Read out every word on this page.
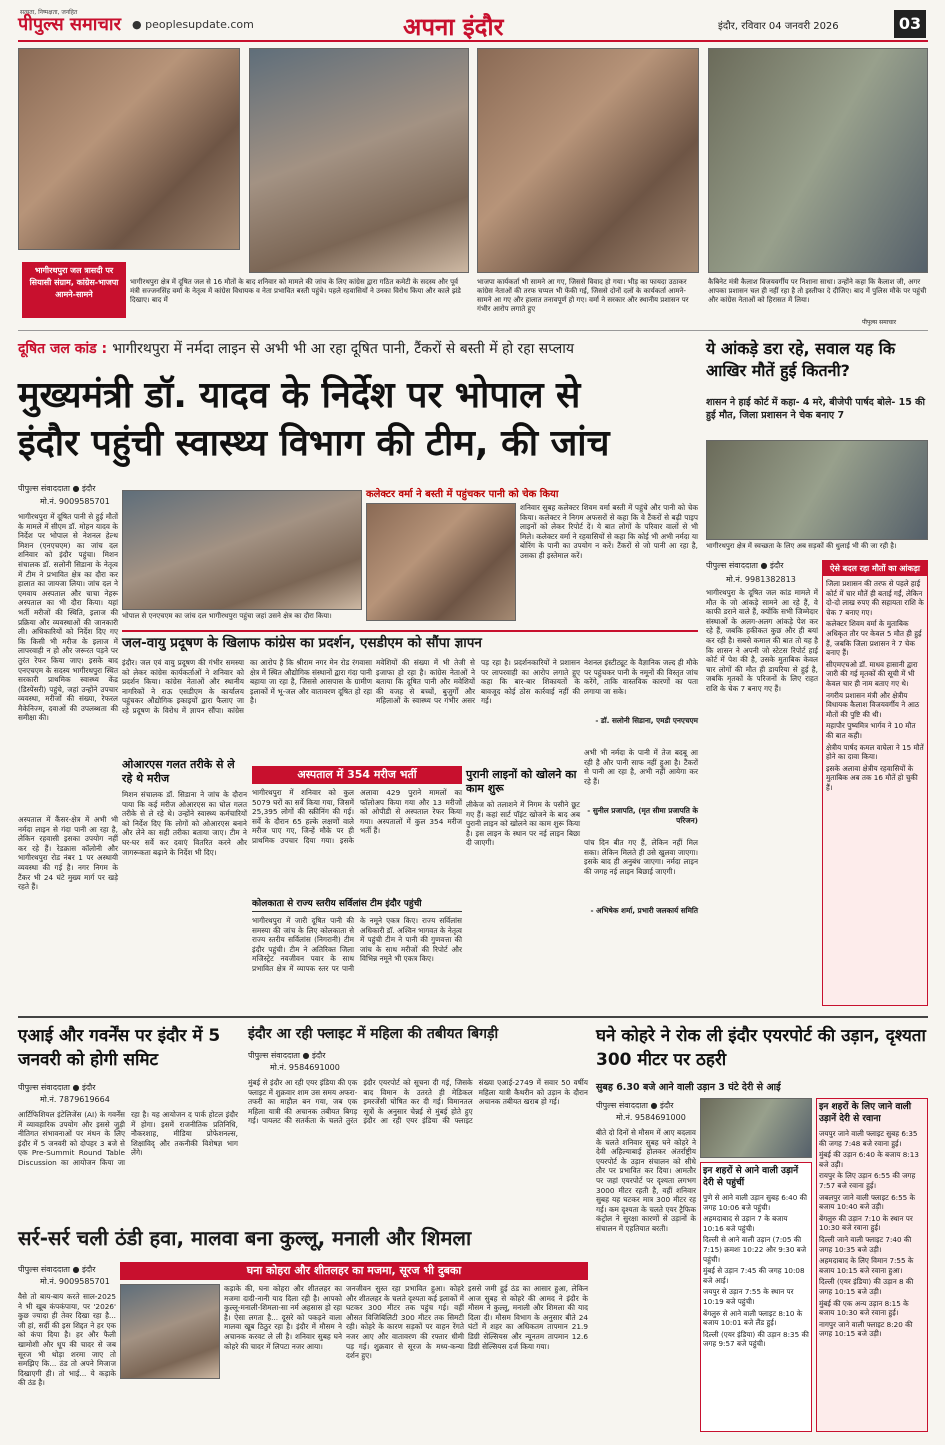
सत्यता, निष्पक्षता, जनहित
पीपुल्स समाचार ● peoplesupdate.com	अपना इंदौर	इंदौर, रविवार 04 जनवरी 2026	03
भागीरथपुरा जल त्रासदी पर सियासी संग्राम, कांग्रेस-भाजपा आमने-सामने
भागीरथपुरा क्षेत्र में दूषित जल से 16 मौतों के बाद शनिवार को मामले की जांच के लिए कांग्रेस द्वारा गठित कमेटी के सदस्य और पूर्व मंत्री सज्जनसिंह वर्मा के नेतृत्व में कांग्रेस विधायक व नेता प्रभावित बस्ती पहुंचे। पहले रहवासियों ने उनका विरोध किया और काले झंडे दिखाए। बाद में
भाजपा कार्यकर्ता भी सामने आ गए, जिससे विवाद हो गया। भीड़ का फायदा उठाकर कांग्रेस नेताओं की तरफ चप्पल भी फेंकी गई, जिससे दोनों दलों के कार्यकर्ता आमने-सामने आ गए और हालात तनावपूर्ण हो गए। वर्मा ने सरकार और स्थानीय प्रशासन पर गंभीर आरोप लगाते हुए
कैबिनेट मंत्री कैलाश विजयवर्गीय पर निशाना साधा। उन्होंने कहा कि कैलाश जी, अगर आपका प्रशासन चल ही नहीं रहा है तो इस्तीफा दे दीजिए। बाद में पुलिस मौके पर पहुंची और कांग्रेस नेताओं को हिरासत में लिया।
पीपुल्स समाचार
दूषित जल कांड : भागीरथपुरा में नर्मदा लाइन से अभी भी आ रहा दूषित पानी, टैंकरों से बस्ती में हो रहा सप्लाय
मुख्यमंत्री डॉ. यादव के निर्देश पर भोपाल से
इंदौर पहुंची स्वास्थ्य विभाग की टीम, की जांच
पीपुल्स संवाददाता ● इंदौर
मो.नं. 9009585701
भागीरथपुरा में दूषित पानी से हुई मौतों के मामले में सीएम डॉ. मोहन यादव के निर्देश पर भोपाल से नेशनल हेल्थ मिशन (एनएचएम) का जांच दल शनिवार को इंदौर पहुंचा। मिशन संचालक डॉ. सलोनी सिडाना के नेतृत्व में टीम ने प्रभावित क्षेत्र का दौरा कर हालात का जायजा लिया। जांच दल ने एमवाय अस्पताल और चाचा नेहरू अस्पताल का भी दौरा किया। यहां भर्ती मरीजों की स्थिति, इलाज की प्रक्रिया और व्यवस्थाओं की जानकारी ली। अधिकारियों को निर्देश दिए गए कि किसी भी मरीज के इलाज में लापरवाही न हो और जरूरत पड़ने पर तुरंत रेफर किया जाए। इसके बाद एनएचएम के सदस्य भागीरथपुरा स्थित सरकारी प्राथमिक स्वास्थ्य केंद्र (डिस्पेंसरी) पहुंचे, जहां उन्होंने उपचार व्यवस्था, मरीजों की संख्या, रेफरल मैकेनिज्म, दवाओं की उपलब्धता की समीक्षा की।
अस्पताल में कैंसर-क्षेत्र में अभी भी नर्मदा लाइन से गंदा पानी आ रहा है, लेकिन रहवासी इसका उपयोग नहीं कर रहे हैं। रेडक्रास कॉलोनी और भागीरथपुरा रोड नंबर 1 पर अस्थायी व्यवस्था की गई है। नगर निगम के टैंकर भी 24 घंटे मुख्य मार्ग पर खड़े रहते हैं।
भोपाल से एनएचएम का जांच दल भागीरथपुरा पहुंचा जहां उसने क्षेत्र का दौरा किया।
कलेक्टर वर्मा ने बस्ती में पहुंचकर पानी को चेक किया
शनिवार सुबह कलेक्टर शिवम वर्मा बस्ती में पहुंचे और पानी को चेक किया। कलेक्टर ने निगम अफसरों से कहा कि वे टैंकरों से बढ़ी पाइप लाइनों को लेकर रिपोर्ट दें। ये बात लोगों के परिवार वालों से भी मिले। कलेक्टर वर्मा ने रहवासियों से कहा कि कोई भी अभी नर्मदा या बोरिंग के पानी का उपयोग न करें। टैंकरों से जो पानी आ रहा है, उसका ही इस्तेमाल करें।
जल-वायु प्रदूषण के खिलाफ कांग्रेस का प्रदर्शन, एसडीएम को सौंपा ज्ञापन
इंदौर। जल एवं वायु प्रदूषण की गंभीर समस्या को लेकर कांग्रेस कार्यकर्ताओं ने शनिवार को प्रदर्शन किया। कांग्रेस नेताओं और स्थानीय नागरिकों ने राऊ एसडीएम के कार्यालय पहुंचकर औद्योगिक इकाइयों द्वारा फैलाए जा रहे प्रदूषण के विरोध में ज्ञापन सौंपा। कांग्रेस का आरोप है कि श्रीराम नगर मेन रोड रंगवासा क्षेत्र में स्थित औद्योगिक संस्थानों द्वारा गंदा पानी बहाया जा रहा है, जिससे आसपास के ग्रामीण इलाकों में भू-जल और वातावरण दूषित हो रहा है।
मवेशियों की संख्या में भी तेजी से इजाफा हो रहा है। कांग्रेस नेताओं ने बताया कि दूषित पानी और मवेशियों की वजह से बच्चों, बुजुर्गों और महिलाओं के स्वास्थ्य पर गंभीर असर पड़ रहा है। प्रदर्शनकारियों ने प्रशासन पर लापरवाही का आरोप लगाते हुए कहा कि बार-बार शिकायतों के बावजूद कोई ठोस कार्रवाई नहीं की गई।
नेशनल इंस्टीट्यूट के वैज्ञानिक जल्द ही मौके पर पहुंचकर पानी के नमूनों की विस्तृत जांच करेंगे, ताकि वास्तविक कारणों का पता लगाया जा सके।
- डॉ. सलोनी सिडाना, एमडी एनएचएम
अभी भी नर्मदा के पानी में तेज बदबू आ रही है और पानी साफ नहीं हुआ है। टैंकरों से पानी आ रहा है, अभी नहीं आयेगा कर रहे हैं।
- सुनील प्रजापति, (मृत सीमा प्रजापति के परिजन)
पांच दिन बीत गए हैं, लेकिन नहीं मिल सका। लेकिन मिलते ही उसे खुलवा जाएगा। इसके बाद ही अनुबंध जाएगा। नर्मदा लाइन की जगह नई लाइन बिछाई जाएगी।
- अभिषेक शर्मा, प्रभारी जलकार्य समिति
ओआरएस गलत तरीके से ले रहे थे मरीज
मिशन संचालक डॉ. सिडाना ने जांच के दौरान पाया कि कई मरीज ओआरएस का घोल गलत तरीके से ले रहे थे। उन्होंने स्वास्थ्य कर्मचारियों को निर्देश दिए कि लोगों को ओआरएस बनाने और लेने का सही तरीका बताया जाए। टीम ने घर-घर सर्वे कर दवाएं वितरित करने और जागरूकता बढ़ाने के निर्देश भी दिए।
अस्पताल में 354 मरीज भर्ती
भागीरथपुरा में शनिवार को कुल 5079 घरों का सर्वे किया गया, जिसमें 25,395 लोगों की स्क्रीनिंग की गई। सर्वे के दौरान 65 हल्के लक्षणों वाले मरीज पाए गए, जिन्हें मौके पर ही प्राथमिक उपचार दिया गया। इसके अलावा 429 पुराने मामलों का फॉलोअप किया गया और 13 मरीजों को ओपीडी से अस्पताल रेफर किया गया। अस्पतालों में कुल 354 मरीज भर्ती हैं।
पुरानी लाइनों को खोलने का काम शुरू
लीकेज को तलाशने में निगम के पसीने छूट गए हैं। कहां सार्ट पॉइंट खोजने के बाद अब पुरानी लाइन को खोलने का काम शुरू किया है। इस लाइन के स्थान पर नई लाइन बिछा दी जाएगी।
कोलकाता से राज्य स्तरीय सर्विलांस टीम इंदौर पहुंची
भागीरथपुरा में जारी दूषित पानी की समस्या की जांच के लिए कोलकाता से राज्य स्तरीय सर्विलांस (निगरानी) टीम इंदौर पहुंची। टीम ने अतिरिक्त जिला मजिस्ट्रेट नवजीवन पवार के साथ प्रभावित क्षेत्र में व्यापक स्तर पर पानी के नमूने एकत्र किए। राज्य सर्विलांस अधिकारी डॉ. अश्विन भागवत के नेतृत्व में पहुंची टीम ने पानी की गुणवत्ता की जांच के साथ मरीजों की रिपोर्ट और विभिन्न नमूने भी एकत्र किए।
ये आंकड़े डरा रहे, सवाल यह कि आखिर मौतें हुई कितनी?
शासन ने हाई कोर्ट में कहा- 4 मरे, बीजेपी पार्षद बोले- 15 की हुई मौत, जिला प्रशासन ने चेक बनाए 7
भागीरथपुरा क्षेत्र में स्वच्छता के लिए अब सड़कों की धुलाई भी की जा रही है।
पीपुल्स संवाददाता ● इंदौर
मो.नं. 9981382813
भागीरथपुरा के दूषित जल कांड मामले में मौत के जो आंकड़े सामने आ रहे हैं, वे काफी डराने वाले हैं, क्योंकि सभी जिम्मेदार संस्थाओं के अलग-अलग आंकड़े पेश कर रहे हैं, जबकि हकीकत कुछ और ही बयां कर रही है। सबसे कमाल की बात तो यह है कि शासन ने अपनी जो स्टेटस रिपोर्ट हाई कोर्ट में पेश की है, उसके मुताबिक केवल चार लोगों की मौत ही डायरिया से हुई है, जबकि मृतकों के परिजनों के लिए राहत राशि के चेक 7 बनाए गए हैं।
ऐसे बदल रहा मौतों का आंकड़ा
जिला प्रशासन की तरफ से पहले हाई कोर्ट में चार मौतें ही बताई गईं, लेकिन दो-दो लाख रुपए की सहायता राशि के चेक 7 बनाए गए।
कलेक्टर शिवम वर्मा के मुताबिक अधिकृत तौर पर केवल 5 मौत ही हुई हैं, जबकि जिला प्रशासन ने 7 चेक बनाए हैं।
सीएमएचओ डॉ. माधव हासानी द्वारा जारी की गई मृतकों की सूची में भी केवल चार ही नाम बताए गए थे।
नगरीय प्रशासन मंत्री और क्षेत्रीय विधायक कैलाश विजयवर्गीय ने आठ मौतों की पुष्टि की थी।
महापौर पुष्यमित्र भार्गव ने 10 मौत की बात कही।
क्षेत्रीय पार्षद कमल वाघेला ने 15 मौतें होने का दावा किया।
इसके अलावा क्षेत्रीय रहवासियों के मुताबिक अब तक 16 मौतें हो चुकी हैं।
एआई और गवर्नेंस पर इंदौर में 5 जनवरी को होगी समिट
पीपुल्स संवाददाता ● इंदौर
मो.नं. 7879619664
आर्टिफिशियल इंटेलिजेंस (AI) के गवर्नेंस में व्यावहारिक उपयोग और इससे जुड़ी नीतिगत संभावनाओं पर मंथन के लिए इंदौर में 5 जनवरी को दोपहर 3 बजे से एक Pre-Summit Round Table Discussion का आयोजन किया जा रहा है। यह आयोजन द पार्क होटल इंदौर में होगा। इसमें राजनीतिक प्रतिनिधि, नौकरशाह, मीडिया प्रोफेशनल्स, शिक्षाविद् और तकनीकी विशेषज्ञ भाग लेंगे।
इंदौर आ रही फ्लाइट में महिला की तबीयत बिगड़ी
पीपुल्स संवाददाता ● इंदौर
मो.नं. 9584691000
मुंबई से इंदौर आ रही एयर इंडिया की एक फ्लाइट में शुक्रवार शाम उस समय अफरा-तफरी का माहौल बन गया, जब एक महिला यात्री की अचानक तबीयत बिगड़ गई। पायलट की सतर्कता के चलते तुरंत इंदौर एयरपोर्ट को सूचना दी गई, जिसके बाद विमान के उतरते ही मेडिकल इमरजेंसी घोषित कर दी गई। विमानतल सूत्रों के अनुसार चेन्नई से मुंबई होते हुए इंदौर आ रही एयर इंडिया की फ्लाइट संख्या एआई-2749 में सवार 50 वर्षीय महिला यात्री कैथरीन को उड़ान के दौरान अचानक तबीयत खराब हो गई।
सर्र-सर्र चली ठंडी हवा, मालवा बना कुल्लू, मनाली और शिमला
पीपुल्स संवाददाता ● इंदौर
मो.नं. 9009585701
घना कोहरा और शीतलहर का मजमा, सूरज भी दुबका
वैसे तो बाय-बाय करते साल-2025 ने भी खूब कंपकंपाया, पर '2026' कुछ ज्यादा ही तेवर दिखा रहा है... जी हां, सर्दी की इस शिद्दत ने हर एक को कंपा दिया है। हर और फैली खामोशी और धूप की चादर से जब सूरज भी थोड़ा शरमा जाए तो समझिए कि... ठंड तो अपने मिजाज दिखाएगी ही। तो भाई... ये कड़ाके की ठंड है।
कड़ाके की, घना कोहरा और शीतलहर का मजमा दादी-नानी याद दिला रही है। आपको कुल्लू-मनाली-शिमला-सा नर्म अहसास हो रहा है। ऐसा लगता है... दूसरे को पकड़ने वाला मालवा खूब ठिठुर रहा है। इंदौर में मौसम ने अचानक करवट ले ली है। शनिवार सुबह घने कोहरे की चादर में लिपटा नजर आया।
जनजीवन सुस्त रहा प्रभावित हुआ। कोहरे और शीतलहर के चलते दृश्यता कई इलाकों में घटकर 300 मीटर तक पहुंच गई। वहीं औसत विजिबिलिटी 300 मीटर तक सिमटी रही। कोहरे के कारण सड़कों पर वाहन रेंगते नजर आए और वातावरण की रफ्तार धीमी पड़ गई। शुक्रवार से सूरज के मध्य-कन्या दर्शन हुए।
इससे जमी हुई ठंड का आसार हुआ, लेकिन आज सुबह से कोहरे की आमद ने इंदौर के मौसम ने कुल्लू, मनाली और शिमला की याद दिला दी। मौसम विभाग के अनुसार बीते 24 घंटों में शहर का अधिकतम तापमान 21.9 डिग्री सेल्सियस और न्यूनतम तापमान 12.6 डिग्री सेल्सियस दर्ज किया गया।
घने कोहरे ने रोक ली इंदौर एयरपोर्ट की उड़ान, दृश्यता 300 मीटर पर ठहरी
सुबह 6.30 बजे आने वाली उड़ान 3 घंटे देरी से आई
पीपुल्स संवाददाता ● इंदौर
मो.नं. 9584691000
बीते दो दिनों से मौसम में आए बदलाव के चलते शनिवार सुबह घने कोहरे ने देवी अहिल्याबाई होलकर अंतर्राष्ट्रीय एयरपोर्ट के उड़ान संचालन को सीधे तौर पर प्रभावित कर दिया। आमतौर पर जहां एयरपोर्ट पर दृश्यता लगभग 3000 मीटर रहती है, वहीं शनिवार सुबह यह घटकर मात्र 300 मीटर रह गई। कम दृश्यता के चलते एयर ट्रैफिक कंट्रोल ने सुरक्षा कारणों से उड़ानों के संचालन में एहतियात बरती।
इन शहरों से आने वाली उड़ानें देरी से पहुंचीं
पुणे से आने वाली उड़ान सुबह 6:40 की जगह 10:06 बजे पहुंची।
अहमदाबाद से उड़ान 7 के बजाय 10:16 बजे पहुंची।
दिल्ली से आने वाली उड़ान (7:05 की 7:15) क्रमशः 10:22 और 9:30 बजे पहुंची।
मुंबई से उड़ान 7:45 की जगह 10:08 बजे आई।
जयपुर से उड़ान 7:55 के स्थान पर 10:19 बजे पहुंची।
बेंगलुरु से आने वाली फ्लाइट 8:10 के बजाय 10:01 बजे लैंड हुई।
दिल्ली (एयर इंडिया) की उड़ान 8:35 की जगह 9:57 बजे पहुंची।
इन शहरों के लिए जाने वाली उड़ानें देरी से रवाना
जयपुर जाने वाली फ्लाइट सुबह 6:35 की जगह 7:48 बजे रवाना हुई।
मुंबई की उड़ान 6:40 के बजाय 8:13 बजे उड़ी।
रायपुर के लिए उड़ान 6:55 की जगह 7:57 बजे रवाना हुई।
जबलपुर जाने वाली फ्लाइट 6:55 के बजाय 10:40 बजे उड़ी।
बेंगलुरु की उड़ान 7:10 के स्थान पर 10:30 बजे रवाना हुई।
दिल्ली जाने वाली फ्लाइट 7:40 की जगह 10:35 बजे उड़ी।
अहमदाबाद के लिए विमान 7:55 के बजाय 10:15 बजे रवाना हुआ।
दिल्ली (एयर इंडिया) की उड़ान 8 की जगह 10:15 बजे उड़ी।
मुंबई की एक अन्य उड़ान 8:15 के बजाय 10:30 बजे रवाना हुई।
नागपुर जाने वाली फ्लाइट 8:20 की जगह 10:15 बजे उड़ी।
